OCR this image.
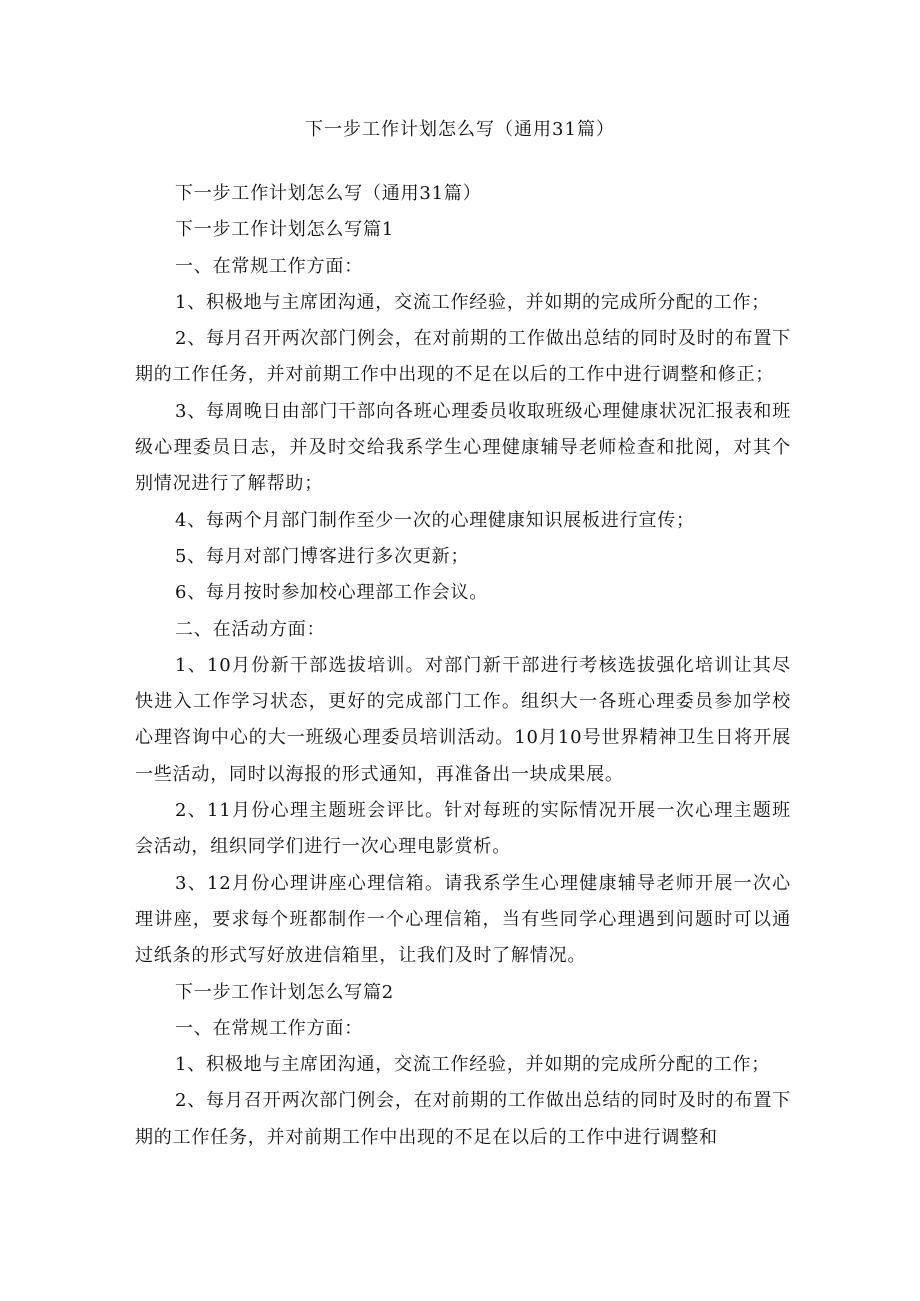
下一步工作计划怎么写（通用31篇）

下一步工作计划怎么写（通用31篇）

下一步工作计划怎么写篇1

一、在常规工作方面：

1、积极地与主席团沟通，交流工作经验，并如期的完成所分配的工作；

2、每月召开两次部门例会，在对前期的工作做出总结的同时及时的布置下期的工作任务，并对前期工作中出现的不足在以后的工作中进行调整和修正；

3、每周晚日由部门干部向各班心理委员收取班级心理健康状况汇报表和班级心理委员日志，并及时交给我系学生心理健康辅导老师检查和批阅，对其个别情况进行了解帮助；

4、每两个月部门制作至少一次的心理健康知识展板进行宣传；

5、每月对部门博客进行多次更新；

6、每月按时参加校心理部工作会议。

二、在活动方面：

1、10月份新干部选拔培训。对部门新干部进行考核选拔强化培训让其尽快进入工作学习状态，更好的完成部门工作。组织大一各班心理委员参加学校心理咨询中心的大一班级心理委员培训活动。10月10号世界精神卫生日将开展一些活动，同时以海报的形式通知，再准备出一块成果展。

2、11月份心理主题班会评比。针对每班的实际情况开展一次心理主题班会活动，组织同学们进行一次心理电影赏析。

3、12月份心理讲座心理信箱。请我系学生心理健康辅导老师开展一次心理讲座，要求每个班都制作一个心理信箱，当有些同学心理遇到问题时可以通过纸条的形式写好放进信箱里，让我们及时了解情况。

下一步工作计划怎么写篇2

一、在常规工作方面：

1、积极地与主席团沟通，交流工作经验，并如期的完成所分配的工作；

2、每月召开两次部门例会，在对前期的工作做出总结的同时及时的布置下期的工作任务，并对前期工作中出现的不足在以后的工作中进行调整和
